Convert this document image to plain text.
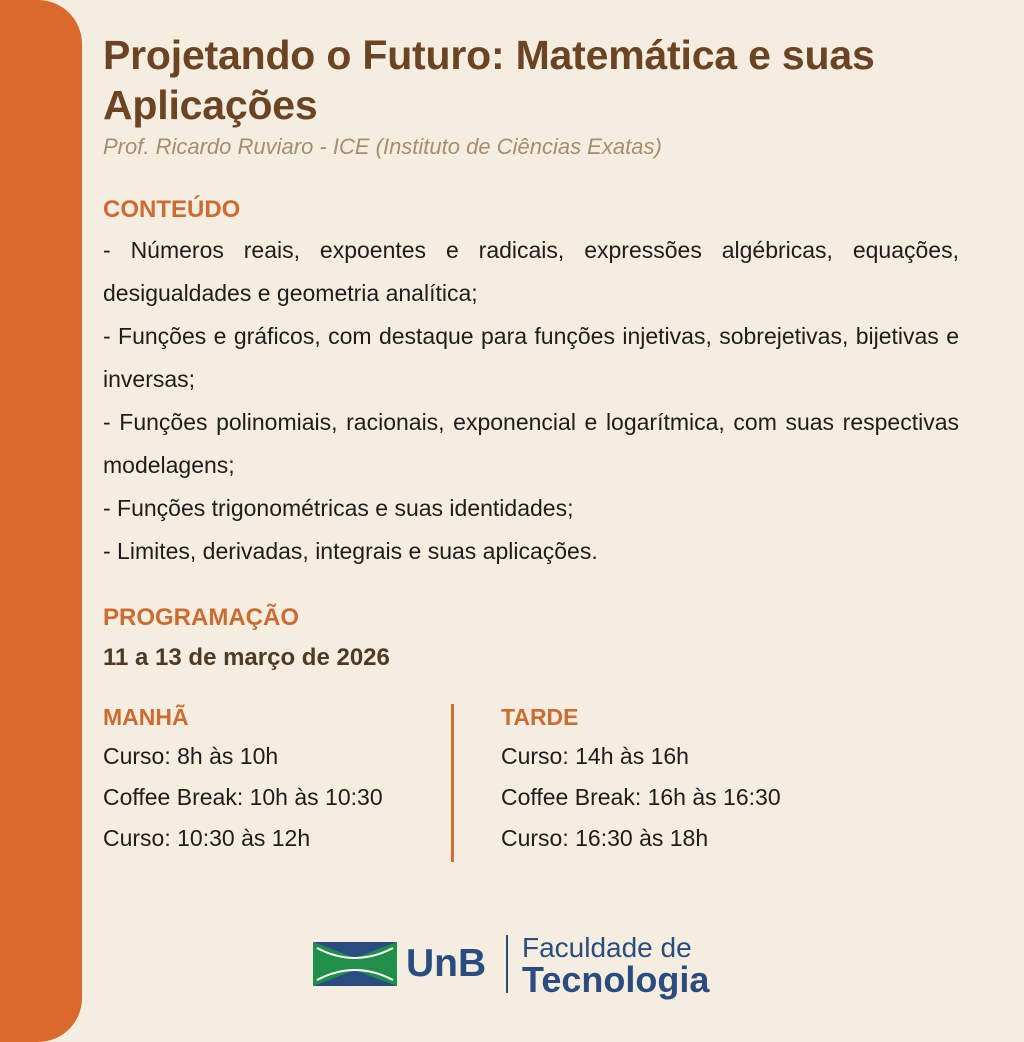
Projetando o Futuro: Matemática e suas Aplicações

Prof. Ricardo Ruviaro - ICE (Instituto de Ciências Exatas)

CONTEÚDO
- Números reais, expoentes e radicais, expressões algébricas, equações, desigualdades e geometria analítica;
- Funções e gráficos, com destaque para funções injetivas, sobrejetivas, bijetivas e inversas;
- Funções polinomiais, racionais, exponencial e logarítmica, com suas respectivas modelagens;
- Funções trigonométricas e suas identidades;
- Limites, derivadas, integrais e suas aplicações.
PROGRAMAÇÃO
11 a 13 de março de 2026
MANHÃ
Curso: 8h às 10h
Coffee Break: 10h às 10:30
Curso: 10:30 às 12h
TARDE
Curso: 14h às 16h
Coffee Break: 16h às 16:30
Curso: 16:30 às 18h
UnB Faculdade de
Tecnologia
